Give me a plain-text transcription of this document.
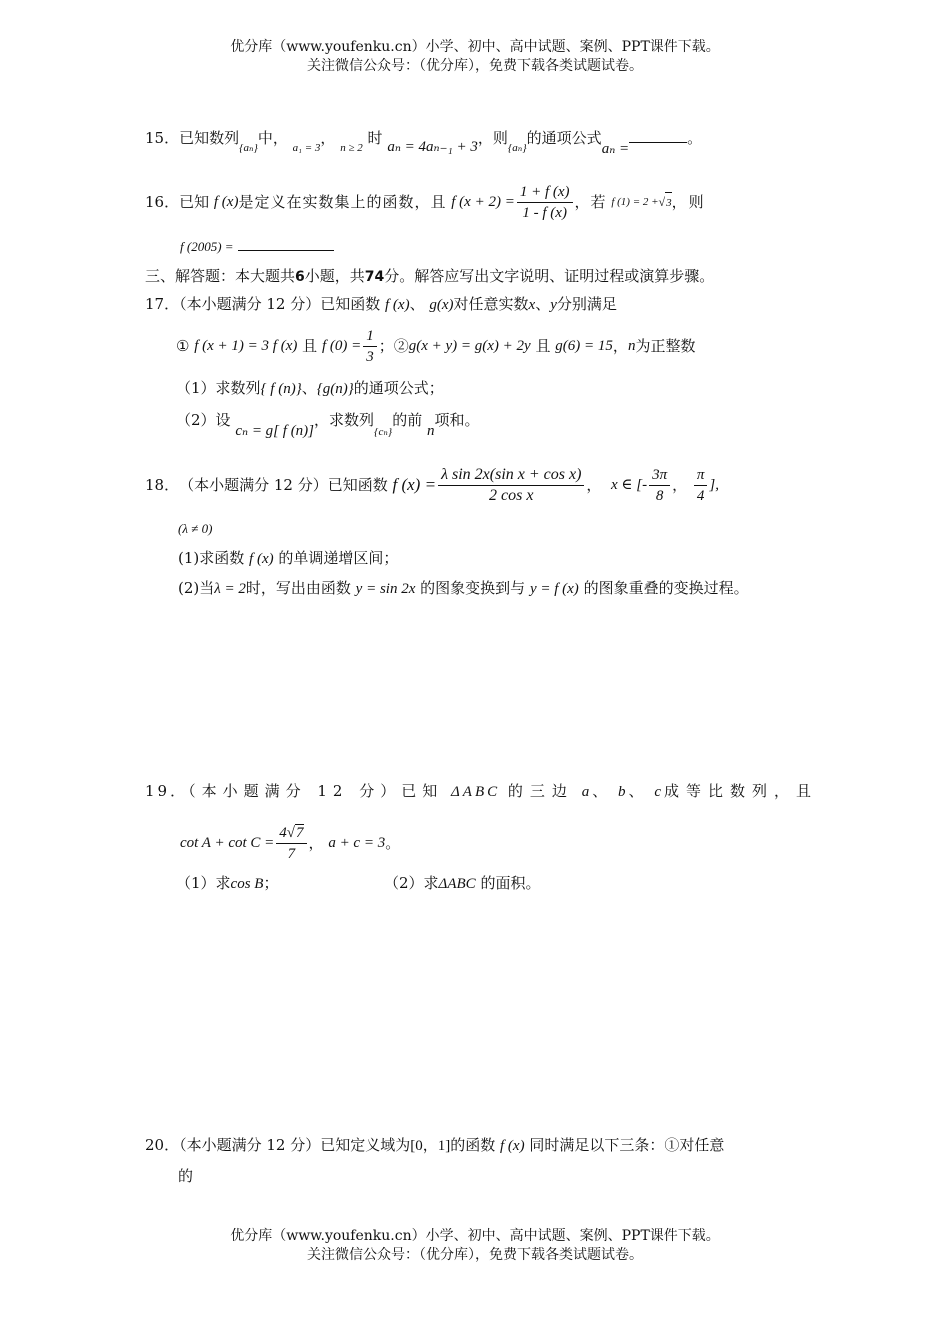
优分库（www.youfenku.cn）小学、初中、高中试题、案例、PPT课件下载。
关注微信公众号：（优分库），免费下载各类试题试卷。
15．已知数列$_{\{a_n\}}$中， $_{a_1 = 3}$， $_{n \ge 2}$ 时 aₙ = 4aₙ₋₁ + 3，则$_{\{a_n\}}$的通项公式aₙ =。
16． 已知
f (x) 是定义在实数集上的函数，且
f $(x + 2) = \frac{1 + f (x)}{1 - f (x)}$ ，若
f (1) = 2 + √ 3 ，则
f (2005) =
三、解答题：本大题共6小题，共74分。解答应写出文字说明、证明过程或演算步骤。
17．（本小题满分 12 分）已知函数 f (x)、 g(x)对任意实数x、y分别满足
①
f (x + 1) = 3 f (x)
且
f $(0) = \frac{1}{3}$ ；② g(x + y) = g(x) + 2y
且
g(6) = 15 ， n 为正整数
（1）求数列{ f (n)}、{g(n)}的通项公式；
（2）设 cₙ = g[ f (n)]，求数列$_{\{c_n\}}$的前 n项和。
18． （本小题满分 12 分）已知函数
f $(x) = \frac{\text{λ sin 2x(sin x + cos x)}}{\text{2 cos x}}$ ，
x ∈ [- $\frac{3\pi}{8}$ ，
$\frac{\pi}{4}$ ],
(λ ≠ 0)
(1)求函数 f (x) 的单调递增区间；
(2)当λ = 2时，写出由函数 y = sin 2x 的图象变换到与 y = f (x) 的图象重叠的变换过程。
19．（本小题满分 12 分）已知 ΔABC 的三边 a、 b、 c成等比数列，且
$\cot A + \cot C = \frac{4√7}{7}$ ，
a + c = 3 。
（1）求cos B；	（2）求ΔABC 的面积。
20．（本小题满分 12 分）已知定义域为[0，1]的函数 f (x) 同时满足以下三条：①对任意
的
优分库（www.youfenku.cn）小学、初中、高中试题、案例、PPT课件下载。
关注微信公众号：（优分库），免费下载各类试题试卷。
